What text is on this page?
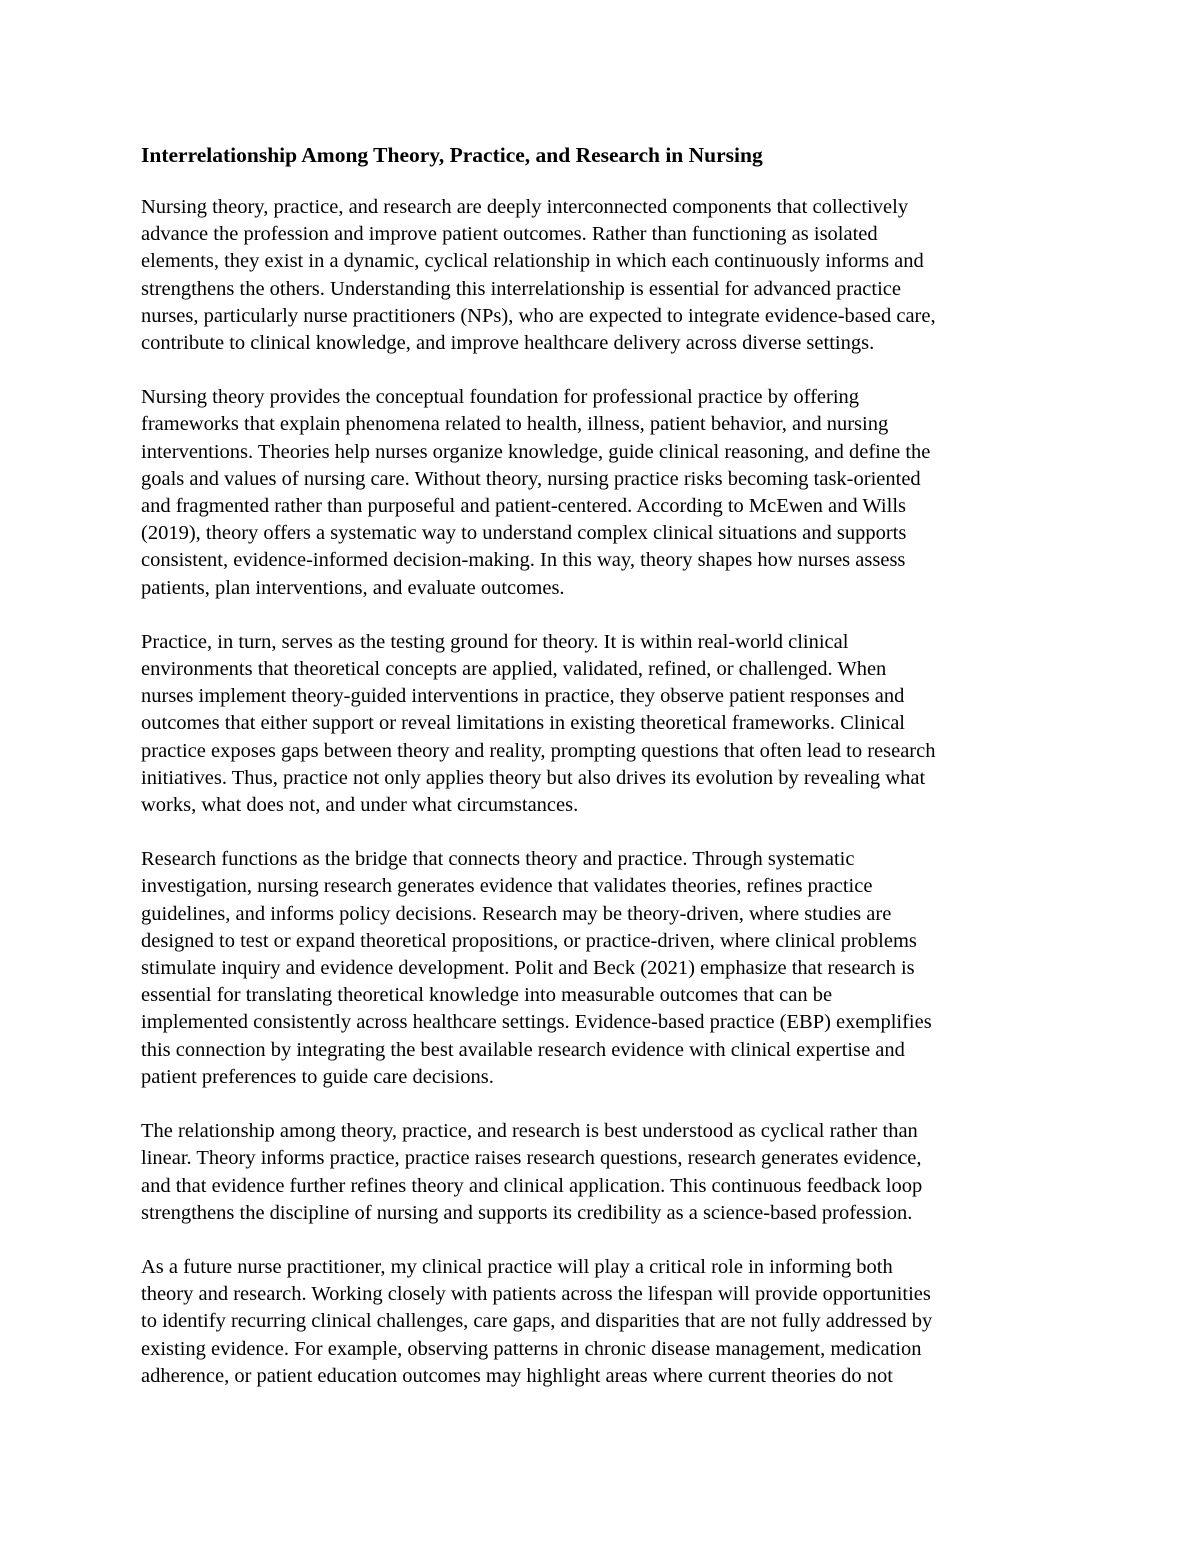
Interrelationship Among Theory, Practice, and Research in Nursing
Nursing theory, practice, and research are deeply interconnected components that collectively
advance the profession and improve patient outcomes. Rather than functioning as isolated
elements, they exist in a dynamic, cyclical relationship in which each continuously informs and
strengthens the others. Understanding this interrelationship is essential for advanced practice
nurses, particularly nurse practitioners (NPs), who are expected to integrate evidence-based care,
contribute to clinical knowledge, and improve healthcare delivery across diverse settings.
Nursing theory provides the conceptual foundation for professional practice by offering
frameworks that explain phenomena related to health, illness, patient behavior, and nursing
interventions. Theories help nurses organize knowledge, guide clinical reasoning, and define the
goals and values of nursing care. Without theory, nursing practice risks becoming task-oriented
and fragmented rather than purposeful and patient-centered. According to McEwen and Wills
(2019), theory offers a systematic way to understand complex clinical situations and supports
consistent, evidence-informed decision-making. In this way, theory shapes how nurses assess
patients, plan interventions, and evaluate outcomes.
Practice, in turn, serves as the testing ground for theory. It is within real-world clinical
environments that theoretical concepts are applied, validated, refined, or challenged. When
nurses implement theory-guided interventions in practice, they observe patient responses and
outcomes that either support or reveal limitations in existing theoretical frameworks. Clinical
practice exposes gaps between theory and reality, prompting questions that often lead to research
initiatives. Thus, practice not only applies theory but also drives its evolution by revealing what
works, what does not, and under what circumstances.
Research functions as the bridge that connects theory and practice. Through systematic
investigation, nursing research generates evidence that validates theories, refines practice
guidelines, and informs policy decisions. Research may be theory-driven, where studies are
designed to test or expand theoretical propositions, or practice-driven, where clinical problems
stimulate inquiry and evidence development. Polit and Beck (2021) emphasize that research is
essential for translating theoretical knowledge into measurable outcomes that can be
implemented consistently across healthcare settings. Evidence-based practice (EBP) exemplifies
this connection by integrating the best available research evidence with clinical expertise and
patient preferences to guide care decisions.
The relationship among theory, practice, and research is best understood as cyclical rather than
linear. Theory informs practice, practice raises research questions, research generates evidence,
and that evidence further refines theory and clinical application. This continuous feedback loop
strengthens the discipline of nursing and supports its credibility as a science-based profession.
As a future nurse practitioner, my clinical practice will play a critical role in informing both
theory and research. Working closely with patients across the lifespan will provide opportunities
to identify recurring clinical challenges, care gaps, and disparities that are not fully addressed by
existing evidence. For example, observing patterns in chronic disease management, medication
adherence, or patient education outcomes may highlight areas where current theories do not
